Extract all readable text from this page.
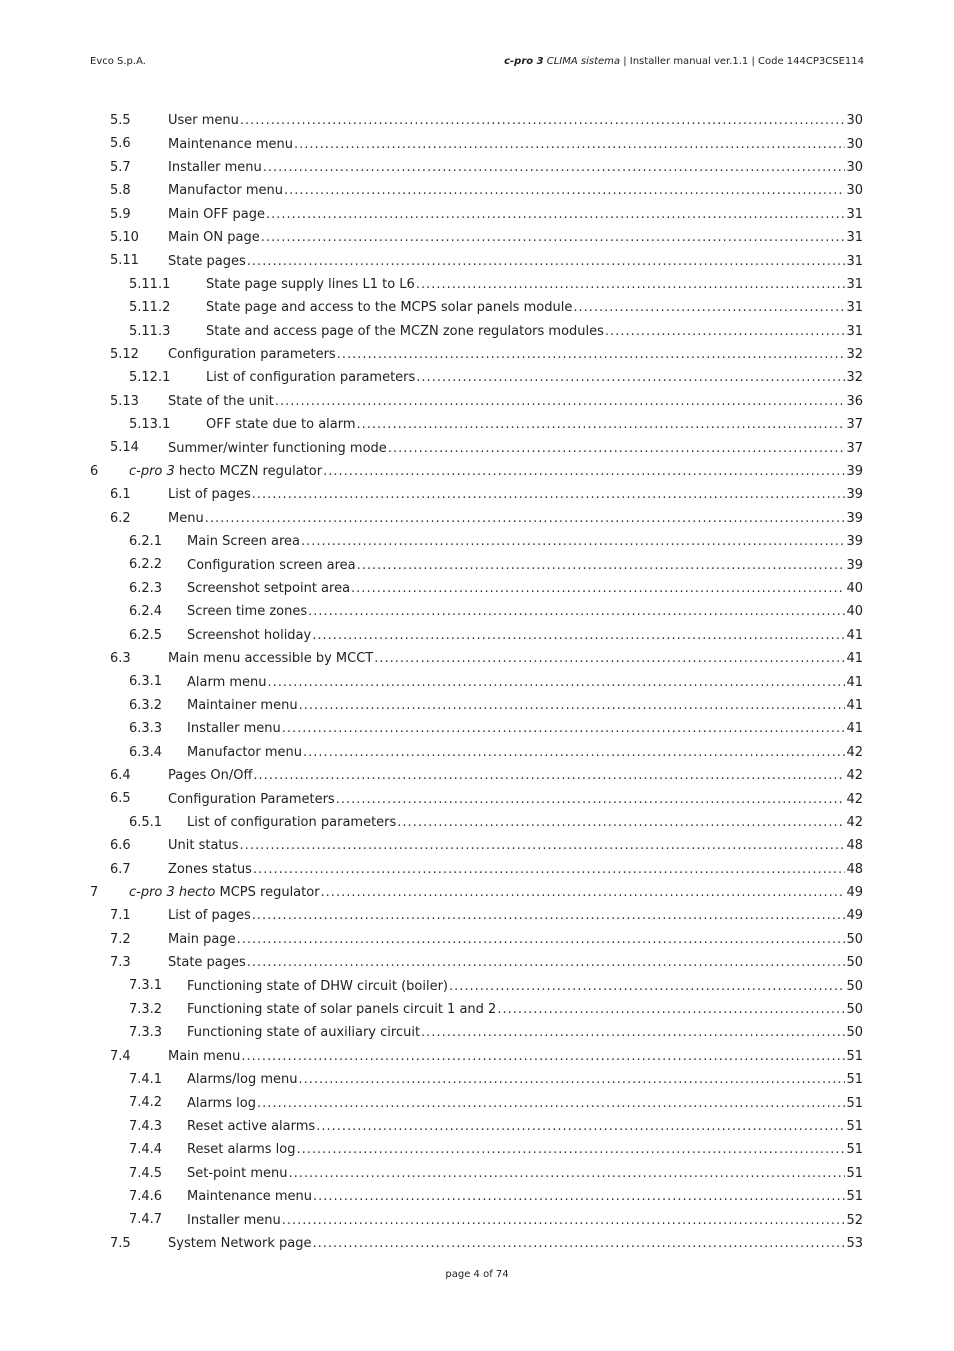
Evco S.p.A.	c-pro 3 CLIMA sistema | Installer manual ver.1.1 | Code 144CP3CSE114
5.5	User menu .....	30
5.6	Maintenance menu .....	30
5.7	Installer menu .....	30
5.8	Manufactor menu .....	30
5.9	Main OFF page .....	31
5.10 Main ON page .....	31
5.11 State pages .....	31
5.11.1	State page supply lines L1 to L6 .....	31
5.11.2	State page and access to the MCPS solar panels module .....	31
5.11.3	State and access page of the MCZN zone regulators modules .....	31
5.12 Configuration parameters .....	32
5.12.1	List of configuration parameters .....	32
5.13 State of the unit .....	36
5.13.1	OFF state due to alarm .....	37
5.14 Summer/winter functioning mode .....	37
6 c-pro 3 hecto MCZN regulator .....	39
6.1	List of pages .....	39
6.2	Menu .....	39
6.2.1 Main Screen area .....	39
6.2.2 Configuration screen area .....	39
6.2.3 Screenshot setpoint area .....	40
6.2.4 Screen time zones .....	40
6.2.5 Screenshot holiday .....	41
6.3	Main menu accessible by MCCT .....	41
6.3.1 Alarm menu .....	41
6.3.2 Maintainer menu .....	41
6.3.3 Installer menu .....	41
6.3.4 Manufactor menu .....	42
6.4	Pages On/Off .....	42
6.5	Configuration Parameters .....	42
6.5.1 List of configuration parameters .....	42
6.6	Unit status .....	48
6.7	Zones status .....	48
7 c-pro 3 hecto MCPS regulator .....	49
7.1	List of pages .....	49
7.2	Main page .....	50
7.3	State pages .....	50
7.3.1 Functioning state of DHW circuit (boiler) .....	50
7.3.2 Functioning state of solar panels circuit 1 and 2 .....	50
7.3.3 Functioning state of auxiliary circuit .....	50
7.4	Main menu .....	51
7.4.1 Alarms/log menu .....	51
7.4.2 Alarms log .....	51
7.4.3 Reset active alarms .....	51
7.4.4 Reset alarms log .....	51
7.4.5 Set-point menu .....	51
7.4.6 Maintenance menu .....	51
7.4.7 Installer menu .....	52
7.5	System Network page .....	53
page 4 of 74
